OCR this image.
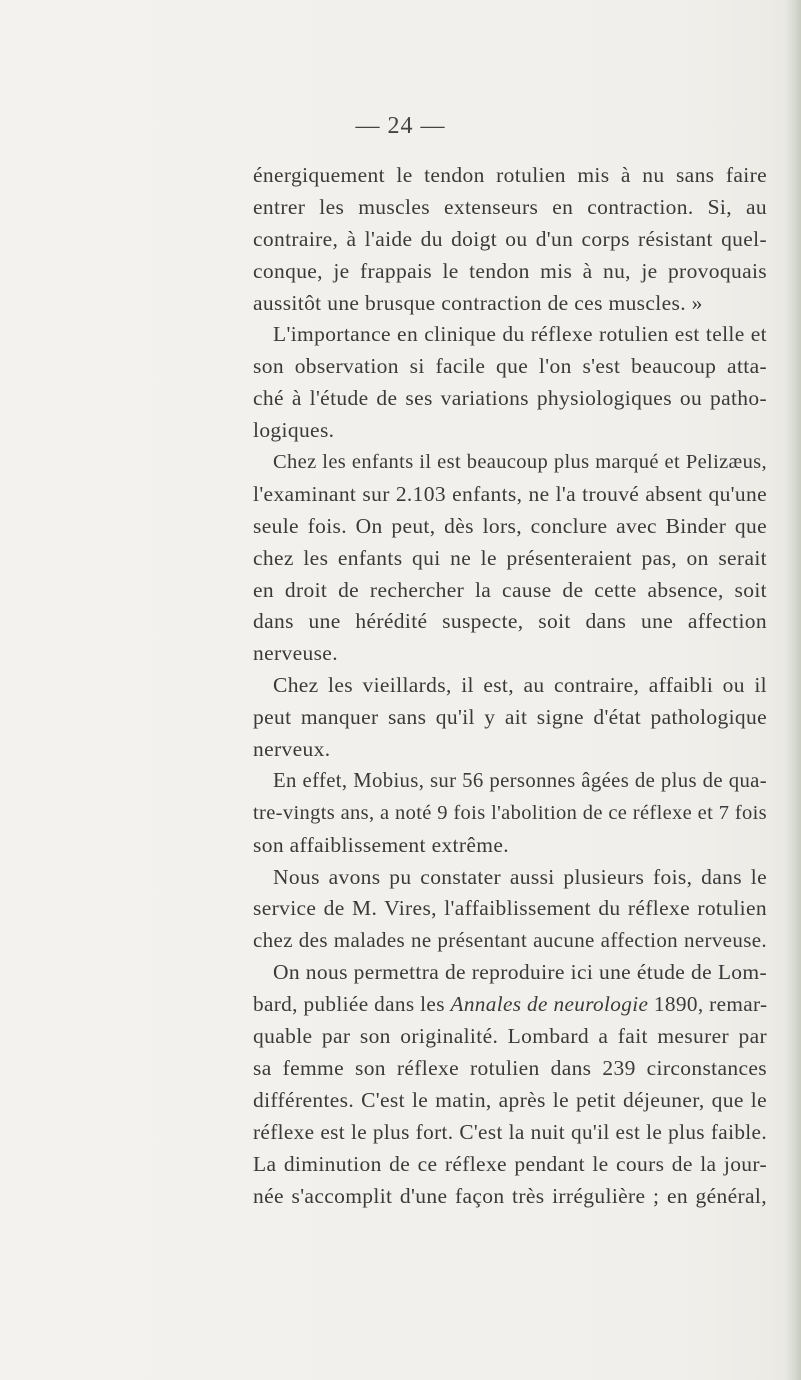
— 24 —
énergiquement le tendon rotulien mis à nu sans faire
entrer les muscles extenseurs en contraction. Si, au
contraire, à l'aide du doigt ou d'un corps résistant quel-
conque, je frappais le tendon mis à nu, je provoquais
aussitôt une brusque contraction de ces muscles. »
L'importance en clinique du réflexe rotulien est telle et
son observation si facile que l'on s'est beaucoup atta-
ché à l'étude de ses variations physiologiques ou patho-
logiques.
Chez les enfants il est beaucoup plus marqué et Pelizæus,
l'examinant sur 2.103 enfants, ne l'a trouvé absent qu'une
seule fois. On peut, dès lors, conclure avec Binder que
chez les enfants qui ne le présenteraient pas, on serait
en droit de rechercher la cause de cette absence, soit
dans une hérédité suspecte, soit dans une affection
nerveuse.
Chez les vieillards, il est, au contraire, affaibli ou il
peut manquer sans qu'il y ait signe d'état pathologique
nerveux.
En effet, Mobius, sur 56 personnes âgées de plus de qua-
tre-vingts ans, a noté 9 fois l'abolition de ce réflexe et 7 fois
son affaiblissement extrême.
Nous avons pu constater aussi plusieurs fois, dans le
service de M. Vires, l'affaiblissement du réflexe rotulien
chez des malades ne présentant aucune affection nerveuse.
On nous permettra de reproduire ici une étude de Lom-
bard, publiée dans les Annales de neurologie 1890, remar-
quable par son originalité. Lombard a fait mesurer par
sa femme son réflexe rotulien dans 239 circonstances
différentes. C'est le matin, après le petit déjeuner, que le
réflexe est le plus fort. C'est la nuit qu'il est le plus faible.
La diminution de ce réflexe pendant le cours de la jour-
née s'accomplit d'une façon très irrégulière ; en général,
